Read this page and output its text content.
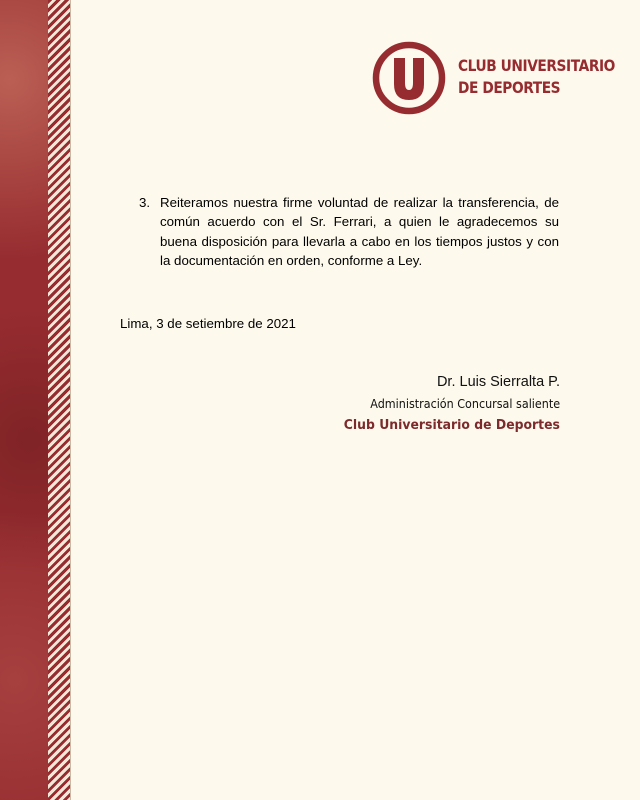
CLUB UNIVERSITARIO
DE DEPORTES
3. Reiteramos nuestra firme voluntad de realizar la transferencia, de común acuerdo con el Sr. Ferrari, a quien le agradecemos su buena disposición para llevarla a cabo en los tiempos justos y con la documentación en orden, conforme a Ley.
Lima, 3 de setiembre de 2021
Dr. Luis Sierralta P.
Administración Concursal saliente
Club Universitario de Deportes
